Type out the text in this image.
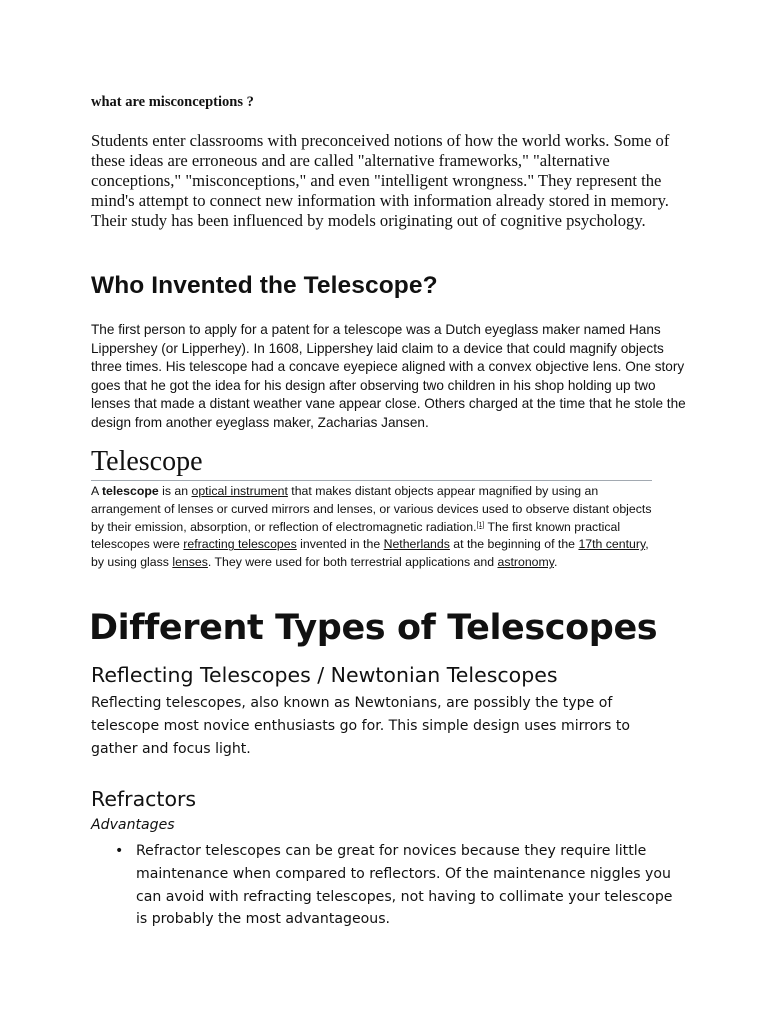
what are misconceptions ?

Students enter classrooms with preconceived notions of how the world works. Some of these ideas are erroneous and are called "alternative frameworks," "alternative conceptions," "misconceptions," and even "intelligent wrongness." They represent the mind's attempt to connect new information with information already stored in memory. Their study has been influenced by models originating out of cognitive psychology.

Who Invented the Telescope?

The first person to apply for a patent for a telescope was a Dutch eyeglass maker named Hans Lippershey (or Lipperhey). In 1608, Lippershey laid claim to a device that could magnify objects three times. His telescope had a concave eyepiece aligned with a convex objective lens. One story goes that he got the idea for his design after observing two children in his shop holding up two lenses that made a distant weather vane appear close. Others charged at the time that he stole the design from another eyeglass maker, Zacharias Jansen.

Telescope

A telescope is an optical instrument that makes distant objects appear magnified by using an arrangement of lenses or curved mirrors and lenses, or various devices used to observe distant objects by their emission, absorption, or reflection of electromagnetic radiation.[1] The first known practical telescopes were refracting telescopes invented in the Netherlands at the beginning of the 17th century, by using glass lenses. They were used for both terrestrial applications and astronomy.

Different Types of Telescopes
Reflecting Telescopes / Newtonian Telescopes

Reflecting telescopes, also known as Newtonians, are possibly the type of telescope most novice enthusiasts go for. This simple design uses mirrors to gather and focus light.

Refractors
Advantages
• Refractor telescopes can be great for novices because they require little maintenance when compared to reflectors. Of the maintenance niggles you can avoid with refracting telescopes, not having to collimate your telescope is probably the most advantageous.
